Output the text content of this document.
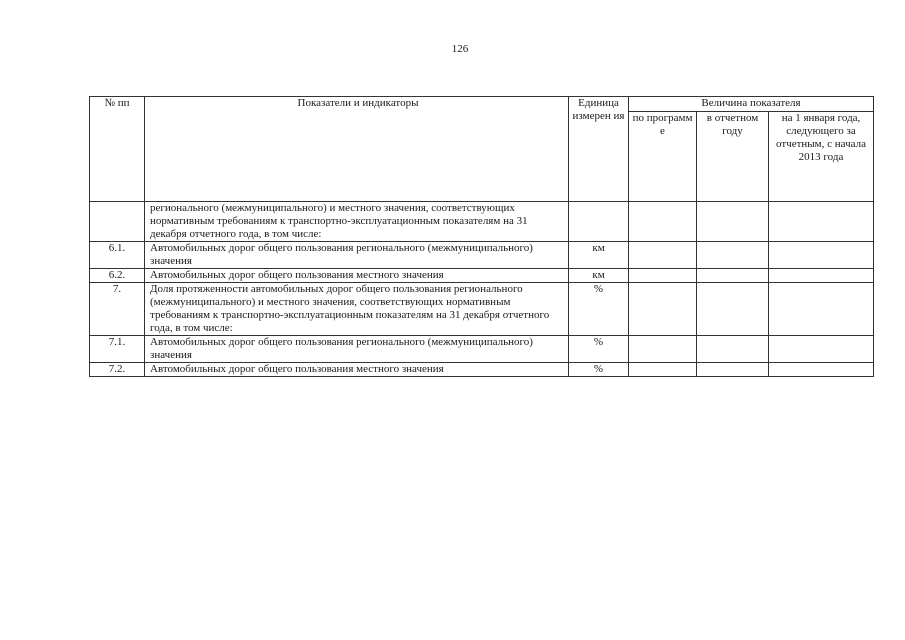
126
№ пп	Показатели и индикаторы	Единица измерен ия	Величина показателя		
			по программ е	в отчетном году	на 1 января года, следующего за отчетным, с начала 2013 года
	регионального (межмуниципального) и местного значения, соответствующих нормативным требованиям к транспортно-эксплуатационным показателям на 31 декабря отчетного года, в том числе:				
6.1.	Автомобильных дорог общего пользования регионального (межмуниципального) значения	км			
6.2.	Автомобильных дорог общего пользования местного значения	км			
7.	Доля протяженности автомобильных дорог общего пользования регионального (межмуниципального) и местного значения, соответствующих нормативным требованиям к транспортно-эксплуатационным показателям на 31 декабря отчетного года, в том числе:	%			
7.1.	Автомобильных дорог общего пользования регионального (межмуниципального) значения	%			
7.2.	Автомобильных дорог общего пользования местного значения	%			
